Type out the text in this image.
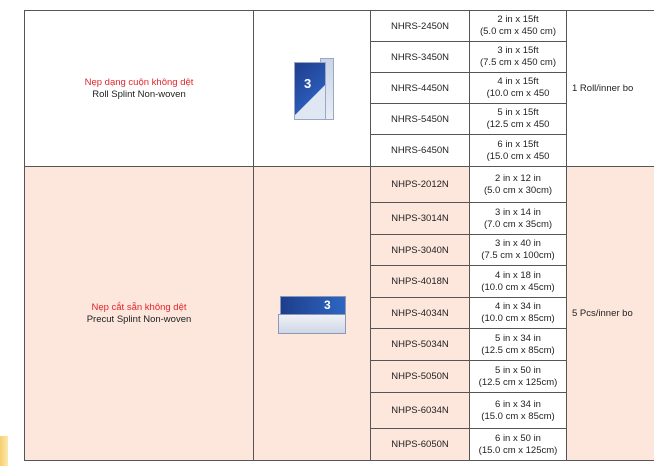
Nẹp dạng cuộn không dệt
Roll Splint Non-woven	3	NHRS-2450N	2 in x 15ft
(5.0 cm x 450 cm)	1 Roll/inner bo
		NHRS-3450N	3 in x 15ft
(7.5 cm x 450 cm)	

		NHRS-4450N	4 in x 15ft
(10.0 cm x 450	

		NHRS-5450N	5 in x 15ft
(12.5 cm x 450	

		NHRS-6450N	6 in x 15ft
(15.0 cm x 450	

Nẹp cắt sẵn không dệt
Precut Splint Non-woven	3	NHPS-2012N	2 in x 12 in
(5.0 cm x 30cm)	5 Pcs/inner bo
		NHPS-3014N	3 in x 14 in
(7.0 cm x 35cm)	

		NHPS-3040N	3 in x 40 in
(7.5 cm x 100cm)	

		NHPS-4018N	4 in x 18 in
(10.0 cm x 45cm)	

		NHPS-4034N	4 in x 34 in
(10.0 cm x 85cm)	

		NHPS-5034N	5 in x 34 in
(12.5 cm x 85cm)	

		NHPS-5050N	5 in x 50 in
(12.5 cm x 125cm)	

		NHPS-6034N	6 in x 34 in
(15.0 cm x 85cm)	

		NHPS-6050N	6 in x 50 in
(15.0 cm x 125cm)	
